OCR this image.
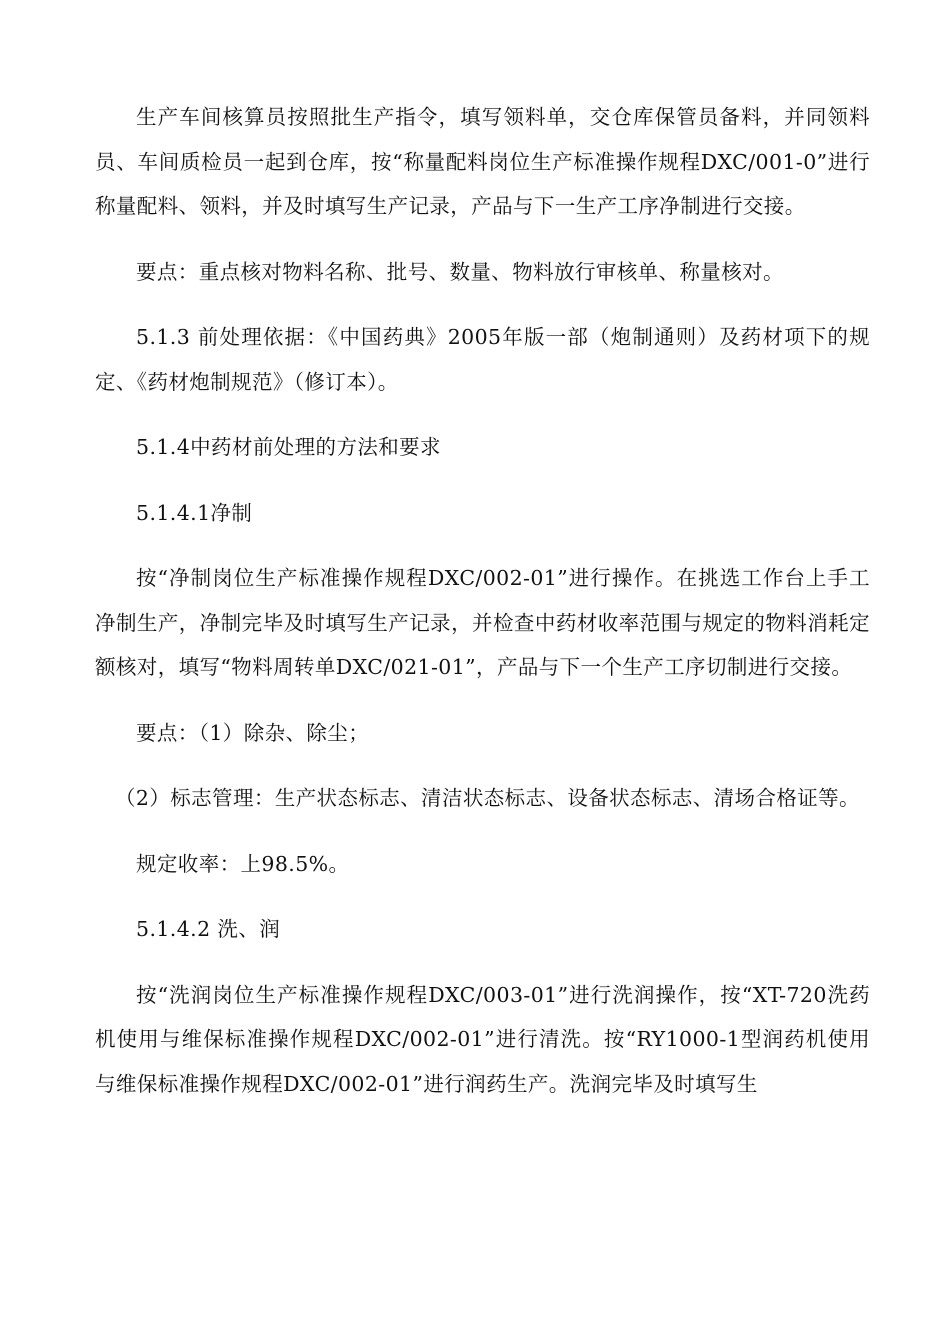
生产车间核算员按照批生产指令，填写领料单，交仓库保管员备料，并同领料员、车间质检员一起到仓库，按“称量配料岗位生产标准操作规程DXC/001-0”进行称量配料、领料，并及时填写生产记录，产品与下一生产工序净制进行交接。

要点：重点核对物料名称、批号、数量、物料放行审核单、称量核对。

5.1.3 前处理依据：《中国药典》2005年版一部（炮制通则）及药材项下的规定、《药材炮制规范》（修订本）。

5.1.4中药材前处理的方法和要求

5.1.4.1净制

按“净制岗位生产标准操作规程DXC/002-01”进行操作。在挑选工作台上手工净制生产，净制完毕及时填写生产记录，并检查中药材收率范围与规定的物料消耗定额核对，填写“物料周转单DXC/021-01”，产品与下一个生产工序切制进行交接。

要点：（1）除杂、除尘；

（2）标志管理：生产状态标志、清洁状态标志、设备状态标志、清场合格证等。

规定收率：上98.5%。

5.1.4.2 洗、润

按“洗润岗位生产标准操作规程DXC/003-01”进行洗润操作，按“XT-720洗药机使用与维保标准操作规程DXC/002-01”进行清洗。按“RY1000-1型润药机使用与维保标准操作规程DXC/002-01”进行润药生产。洗润完毕及时填写生
